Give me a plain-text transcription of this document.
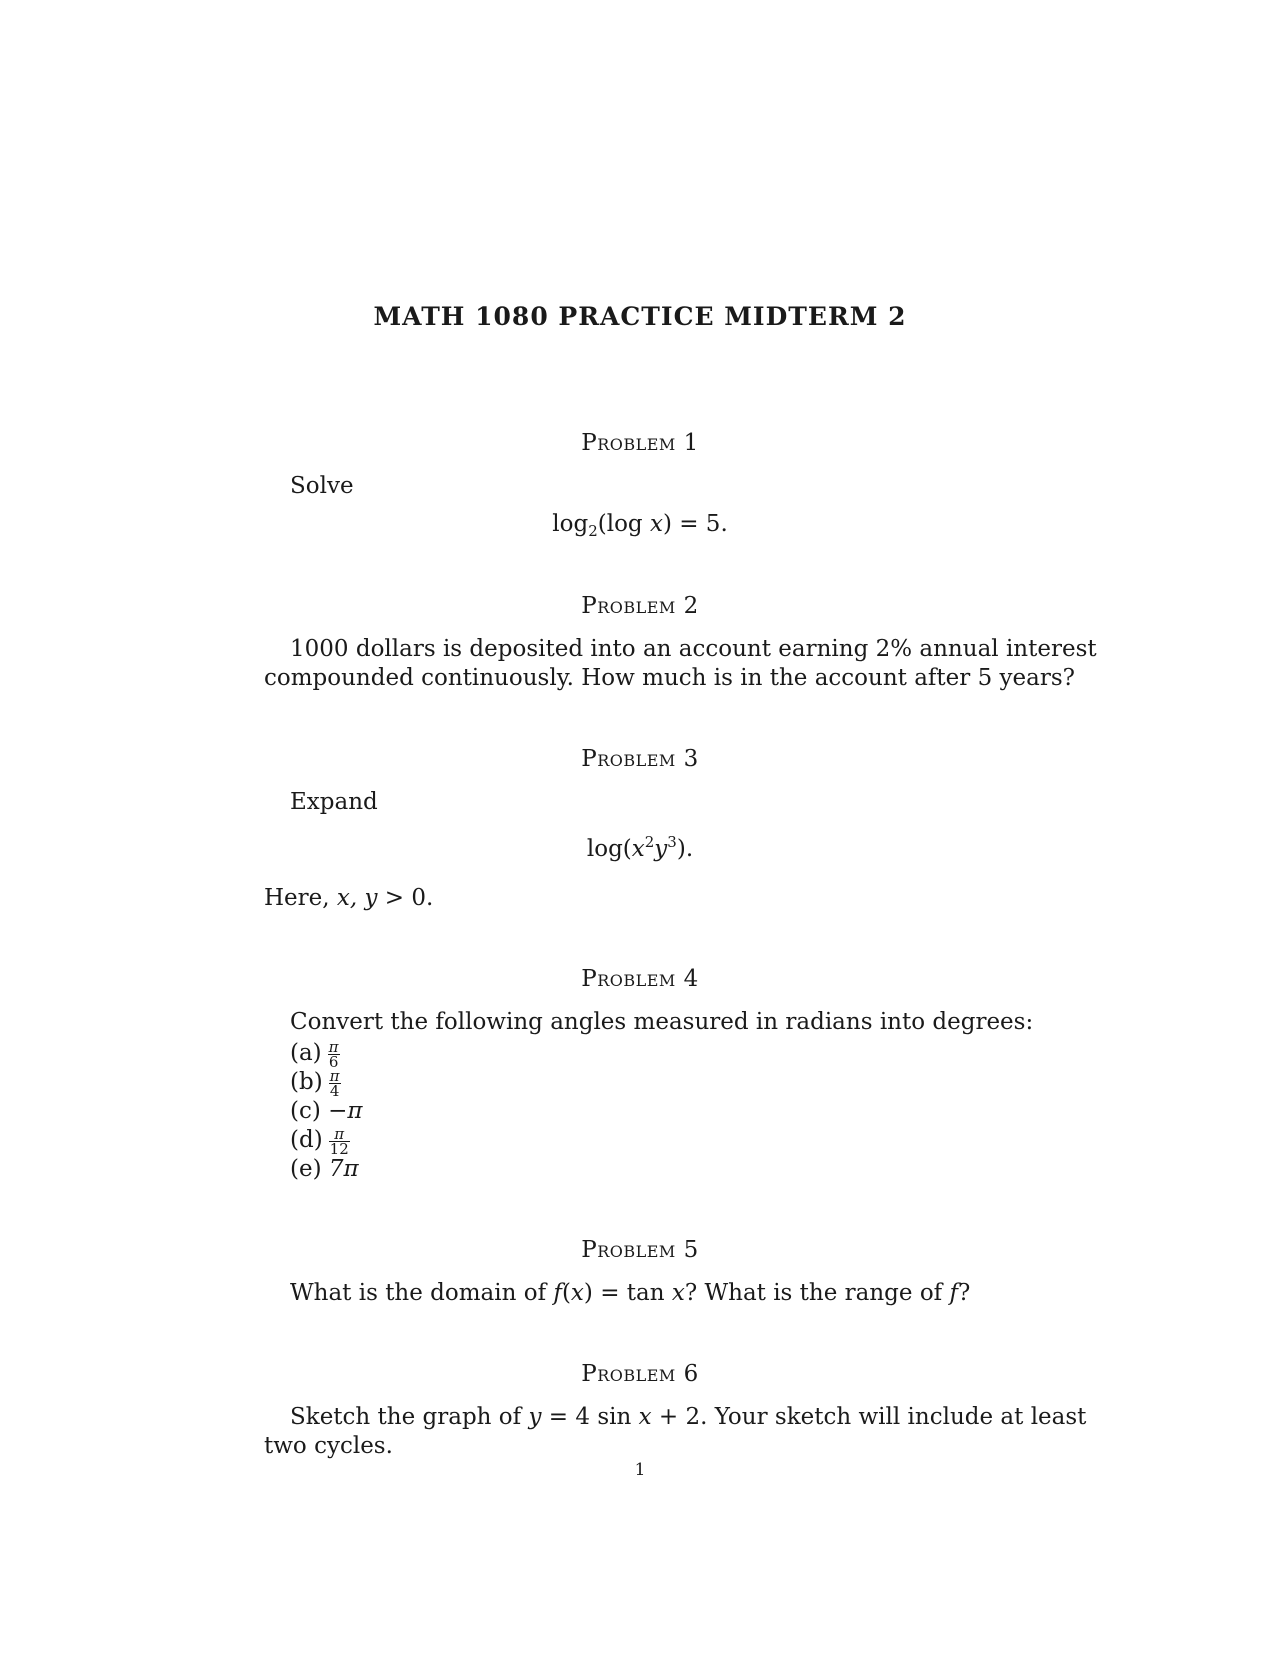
MATH 1080 PRACTICE MIDTERM 2
Problem 1
Solve
$\log_2(\log$ x) = 5.
Problem 2
1000 dollars is deposited into an account earning 2% annual interest
compounded continuously. How much is in the account after 5 years?
Problem 3
Expand
$\log(x^2y^3)$.
Here, x, y > 0.
Problem 4
Convert the following angles measured in radians into degrees:
$(a) \frac{\pi}{6}$
$(b) \frac{\pi}{4}$
(c) −π
$(d) \frac{\pi}{12}$
(e) 7π
Problem 5
What is the domain of f(x) = tan x? What is the range of f?
Problem 6
Sketch the graph of y = 4 sin x + 2. Your sketch will include at least
two cycles.
1
